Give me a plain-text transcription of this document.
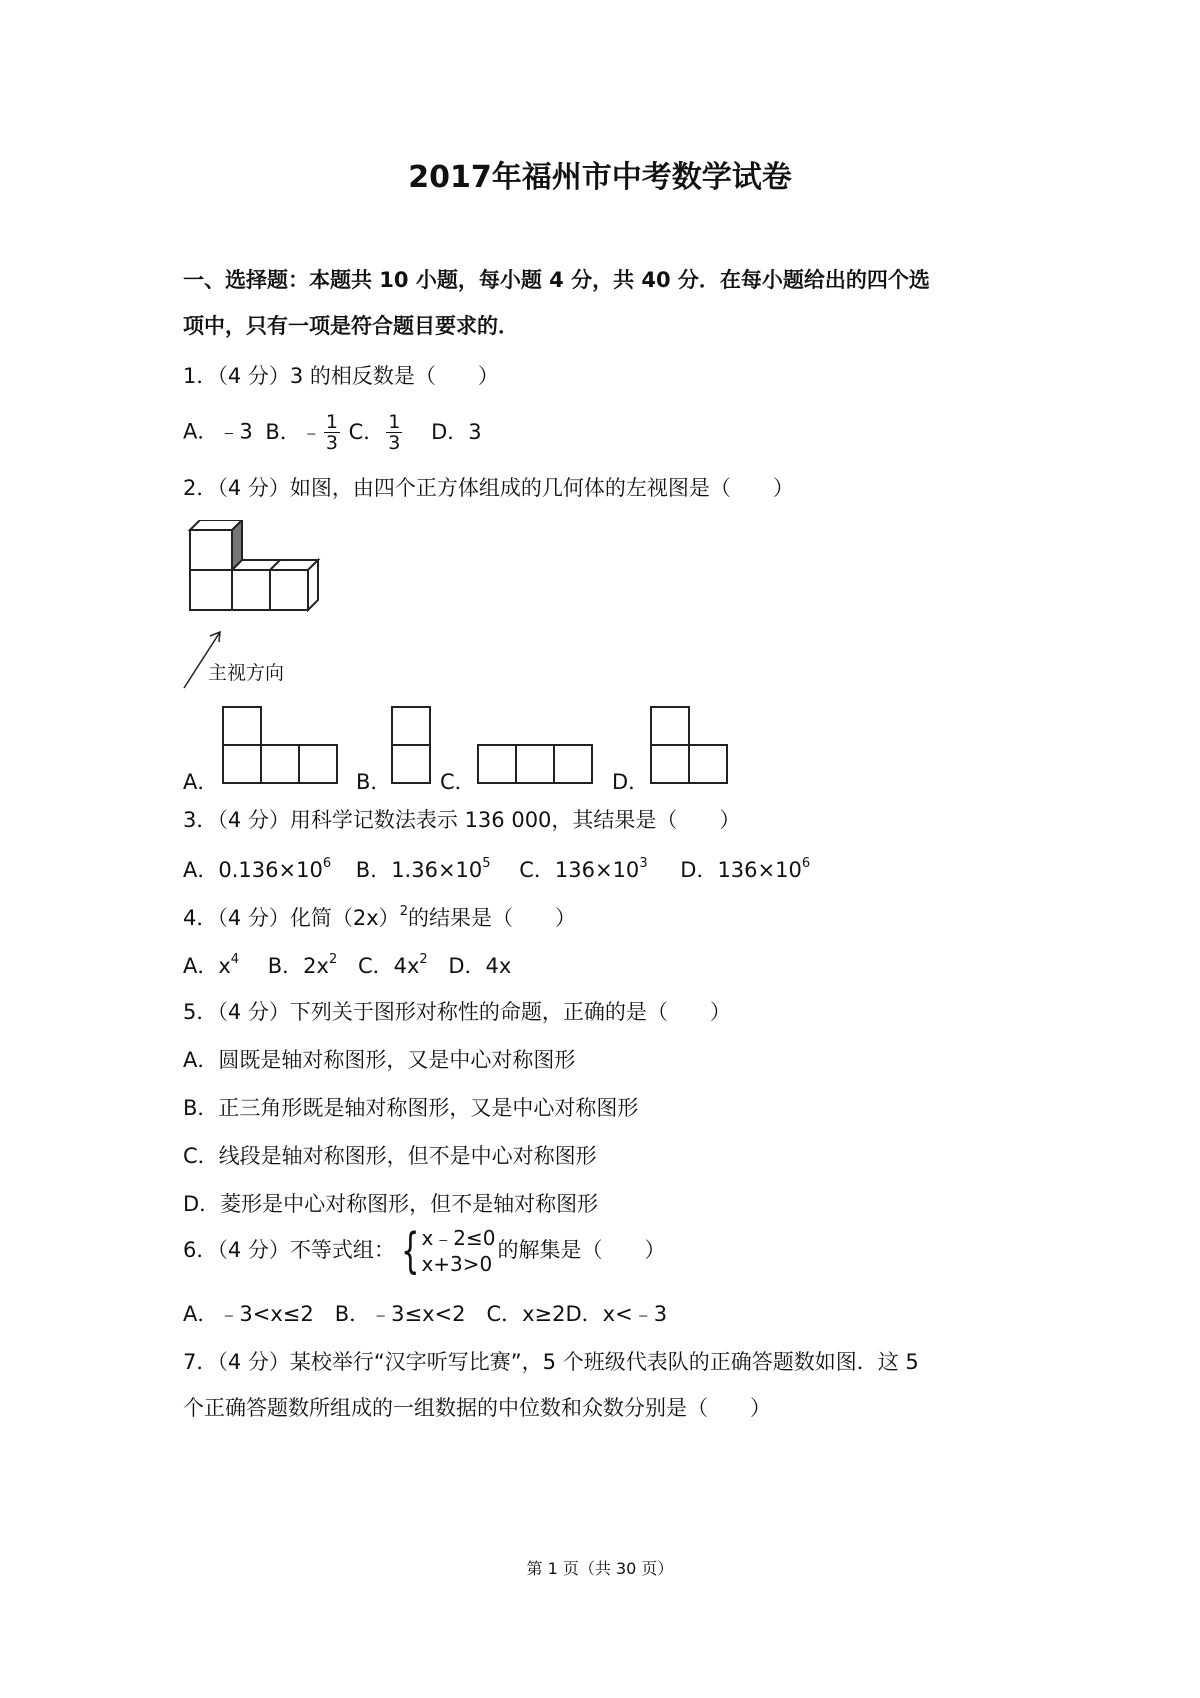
2017年福州市中考数学试卷
一、选择题：本题共 10 小题，每小题 4 分，共 40 分．在每小题给出的四个选
项中，只有一项是符合题目要求的．
1．（4 分）3 的相反数是（　　）
A．﹣3 B．﹣ $\frac{1}{3}$ C． $\frac{1}{3}$ D．3
2．（4 分）如图，由四个正方体组成的几何体的左视图是（　　）
主视方向
A．	B． C．	D．
3．（4 分）用科学记数法表示 136 000，其结果是（　　）
A．$0.136\times 10^6$ B．$1.36\times 10^5$ C．$136\times 10^3$ D．$136\times 10^6$
4．（4 分）化简$(2x)^2$的结果是（　　）
A．$x^4$ B．$2x^2$ C．$4x^2$ D．4x
5．（4 分）下列关于图形对称性的命题，正确的是（　　）
A．圆既是轴对称图形，又是中心对称图形
B．正三角形既是轴对称图形，又是中心对称图形
C．线段是轴对称图形，但不是中心对称图形
D．菱形是中心对称图形，但不是轴对称图形
6．（4 分）不等式组： { x﹣2≤0
x+3>0
的解集是（　　）
A．﹣3<x≤2　B．﹣3≤x<2　C．x≥2D．x<﹣3
7．（4 分）某校举行“汉字听写比赛”，5 个班级代表队的正确答题数如图．这 5
个正确答题数所组成的一组数据的中位数和众数分别是（　　）
第 1 页（共 30 页）
